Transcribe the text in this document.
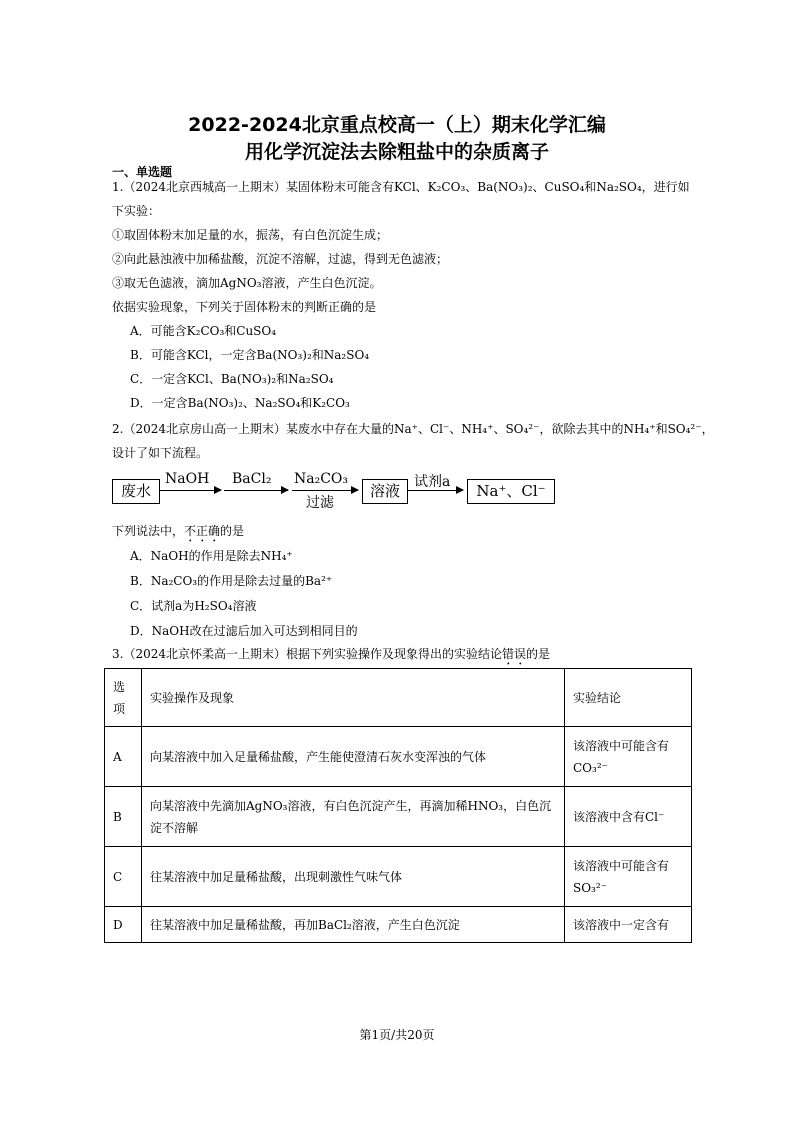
2022-2024北京重点校高一（上）期末化学汇编
用化学沉淀法去除粗盐中的杂质离子
一、单选题
1.（2024北京西城高一上期末）某固体粉末可能含有KCl、K₂CO₃、Ba(NO₃)₂、CuSO₄和Na₂SO₄，进行如
下实验：
①取固体粉末加足量的水，振荡，有白色沉淀生成；
②向此悬浊液中加稀盐酸，沉淀不溶解，过滤，得到无色滤液；
③取无色滤液，滴加AgNO₃溶液，产生白色沉淀。
依据实验现象，下列关于固体粉末的判断正确的是
A．可能含K₂CO₃和CuSO₄
B．可能含KCl，一定含Ba(NO₃)₂和Na₂SO₄
C．一定含KCl、Ba(NO₃)₂和Na₂SO₄
D．一定含Ba(NO₃)₂、Na₂SO₄和K₂CO₃
2.（2024北京房山高一上期末）某废水中存在大量的Na⁺、Cl⁻、NH₄⁺、SO₄²⁻，欲除去其中的NH₄⁺和SO₄²⁻，
设计了如下流程。
废水
NaOH BaCl₂ Na₂CO₃
过滤
溶液	试剂a	Na⁺、Cl⁻
下列说法中，不正确的是
A．NaOH的作用是除去NH₄⁺
B．Na₂CO₃的作用是除去过量的Ba²⁺
C．试剂a为H₂SO₄溶液
D．NaOH改在过滤后加入可达到相同目的
3.（2024北京怀柔高一上期末）根据下列实验操作及现象得出的实验结论错误的是
选项	实验操作及现象	实验结论
A	向某溶液中加入足量稀盐酸，产生能使澄清石灰水变浑浊的气体	该溶液中可能含有CO₃²⁻
B	向某溶液中先滴加AgNO₃溶液，有白色沉淀产生，再滴加稀HNO₃，白色沉淀不溶解	该溶液中含有Cl⁻
C	往某溶液中加足量稀盐酸，出现刺激性气味气体	该溶液中可能含有SO₃²⁻
D	往某溶液中加足量稀盐酸，再加BaCl₂溶液，产生白色沉淀	该溶液中一定含有
第1页/共20页
